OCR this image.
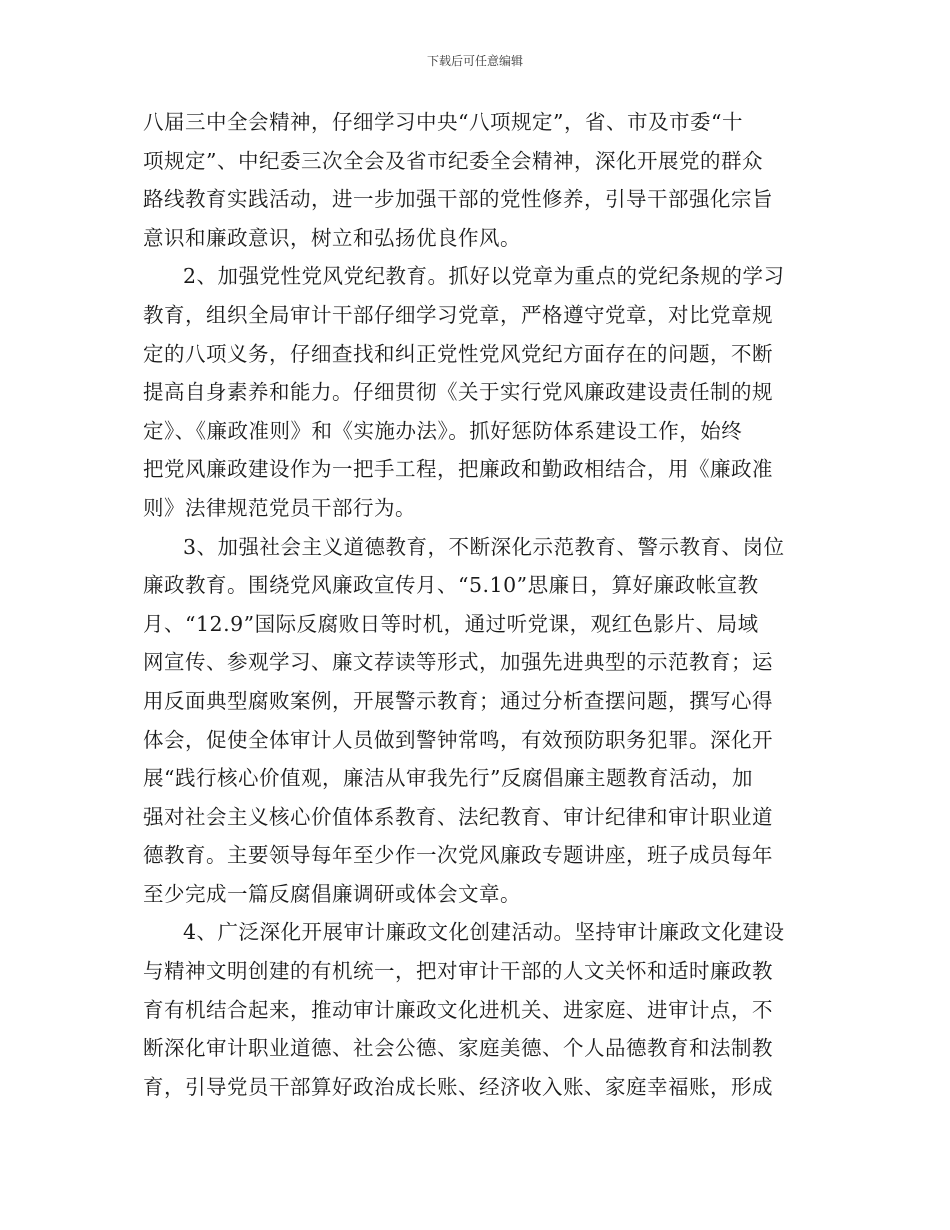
下载后可任意编辑
八届三中全会精神，仔细学习中央“八项规定”，省、市及市委“十
项规定”、中纪委三次全会及省市纪委全会精神，深化开展党的群众
路线教育实践活动，进一步加强干部的党性修养，引导干部强化宗旨
意识和廉政意识，树立和弘扬优良作风。
2、加强党性党风党纪教育。抓好以党章为重点的党纪条规的学习
教育，组织全局审计干部仔细学习党章，严格遵守党章，对比党章规
定的八项义务，仔细查找和纠正党性党风党纪方面存在的问题，不断
提高自身素养和能力。仔细贯彻《关于实行党风廉政建设责任制的规
定》、《廉政准则》和《实施办法》。抓好惩防体系建设工作，始终
把党风廉政建设作为一把手工程，把廉政和勤政相结合，用《廉政准
则》法律规范党员干部行为。
3、加强社会主义道德教育，不断深化示范教育、警示教育、岗位
廉政教育。围绕党风廉政宣传月、“5.10”思廉日，算好廉政帐宣教
月、“12.9”国际反腐败日等时机，通过听党课，观红色影片、局域
网宣传、参观学习、廉文荐读等形式，加强先进典型的示范教育；运
用反面典型腐败案例，开展警示教育；通过分析查摆问题，撰写心得
体会，促使全体审计人员做到警钟常鸣，有效预防职务犯罪。深化开
展“践行核心价值观，廉洁从审我先行”反腐倡廉主题教育活动，加
强对社会主义核心价值体系教育、法纪教育、审计纪律和审计职业道
德教育。主要领导每年至少作一次党风廉政专题讲座，班子成员每年
至少完成一篇反腐倡廉调研或体会文章。
4、广泛深化开展审计廉政文化创建活动。坚持审计廉政文化建设
与精神文明创建的有机统一，把对审计干部的人文关怀和适时廉政教
育有机结合起来，推动审计廉政文化进机关、进家庭、进审计点，不
断深化审计职业道德、社会公德、家庭美德、个人品德教育和法制教
育，引导党员干部算好政治成长账、经济收入账、家庭幸福账，形成
